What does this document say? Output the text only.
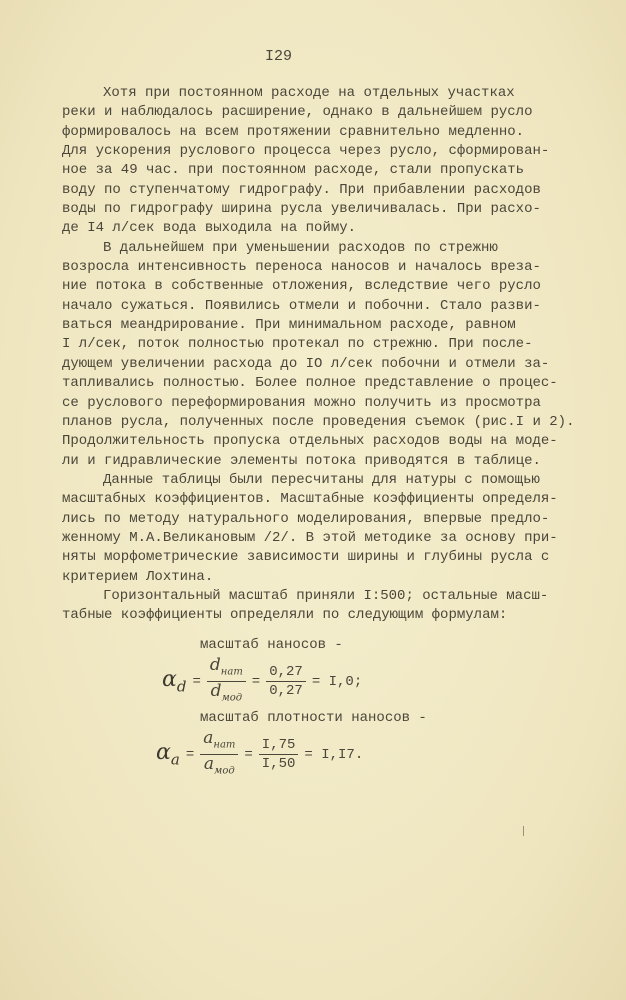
I29
Хотя при постоянном расходе на отдельных участках
реки и наблюдалось расширение, однако в дальнейшем русло
формировалось на всем протяжении сравнительно медленно.
Для ускорения руслового процесса через русло, сформирован-
ное за 49 час. при постоянном расходе, стали пропускать
воду по ступенчатому гидрографу. При прибавлении расходов
воды по гидрографу ширина русла увеличивалась. При расхо-
де I4 л/сек вода выходила на пойму.
В дальнейшем при уменьшении расходов по стрежню
возросла интенсивность переноса наносов и началось вреза-
ние потока в собственные отложения, вследствие чего русло
начало сужаться. Появились отмели и побочни. Стало разви-
ваться меандрирование. При минимальном расходе, равном
I л/сек, поток полностью протекал по стрежню. При после-
дующем увеличении расхода до IO л/сек побочни и отмели за-
тапливались полностью. Более полное представление о процес-
се руслового переформирования можно получить из просмотра
планов русла, полученных после проведения съемок (рис.I и 2).
Продолжительность пропуска отдельных расходов воды на моде-
ли и гидравлические элементы потока приводятся в таблице.
Данные таблицы были пересчитаны для натуры с помощью
масштабных коэффициентов. Масштабные коэффициенты определя-
лись по методу натурального моделирования, впервые предло-
женному М.А.Великановым /2/. В этой методике за основу при-
няты морфометрические зависимости ширины и глубины русла с
критерием Лохтина.
Горизонтальный масштаб приняли I:500; остальные масш-
табные коэффициенты определяли по следующим формулам:
масштаб наносов -
$\alpha_d = \frac{d_{нат}}{d_{мод}} = \frac{0,27}{0,27} = I,0$;
масштаб плотности наносов -
$\alpha_a = \frac{a_{нат}}{a_{мод}} = \frac{I,75}{I,50} = I,I7$.
